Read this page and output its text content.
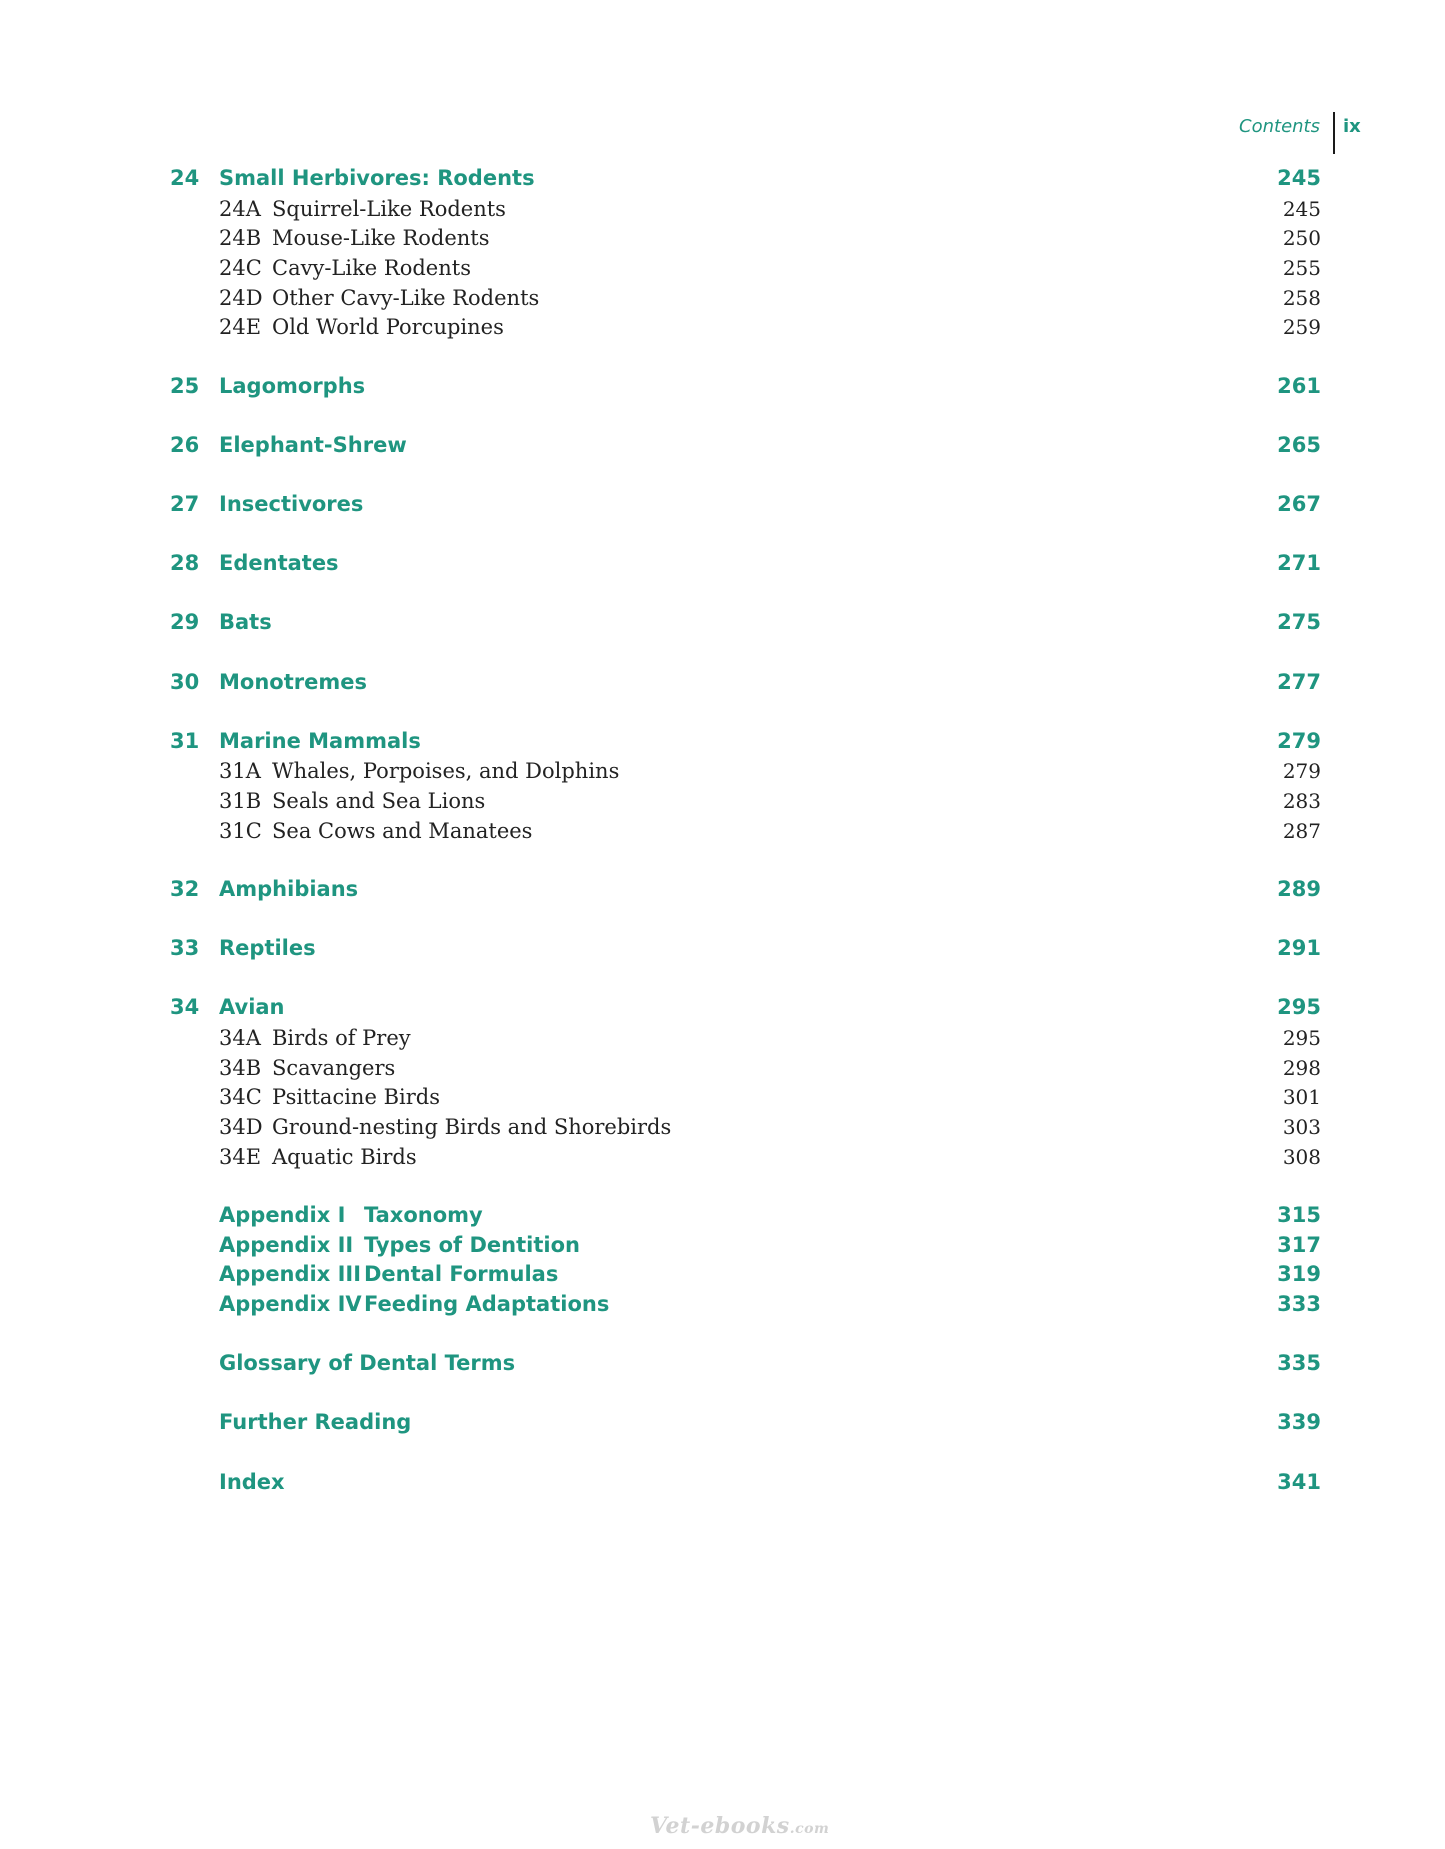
Contents ix
24 Small Herbivores: Rodents	245
24A Squirrel-Like Rodents	245
24B Mouse-Like Rodents	250
24C Cavy-Like Rodents	255
24D Other Cavy-Like Rodents	258
24E Old World Porcupines	259
25 Lagomorphs	261
26 Elephant-Shrew	265
27 Insectivores	267
28 Edentates	271
29 Bats	275
30 Monotremes	277
31 Marine Mammals	279
31A Whales, Porpoises, and Dolphins	279
31B Seals and Sea Lions	283
31C Sea Cows and Manatees	287
32 Amphibians	289
33 Reptiles	291
34 Avian	295
34A Birds of Prey	295
34B Scavangers	298
34C Psittacine Birds	301
34D Ground-nesting Birds and Shorebirds	303
34E Aquatic Birds	308
Appendix I Taxonomy	315
Appendix II Types of Dentition	317
Appendix III Dental Formulas	319
Appendix IV Feeding Adaptations	333
Glossary of Dental Terms	335
Further Reading	339
Index	341
Vet-ebooks.com
